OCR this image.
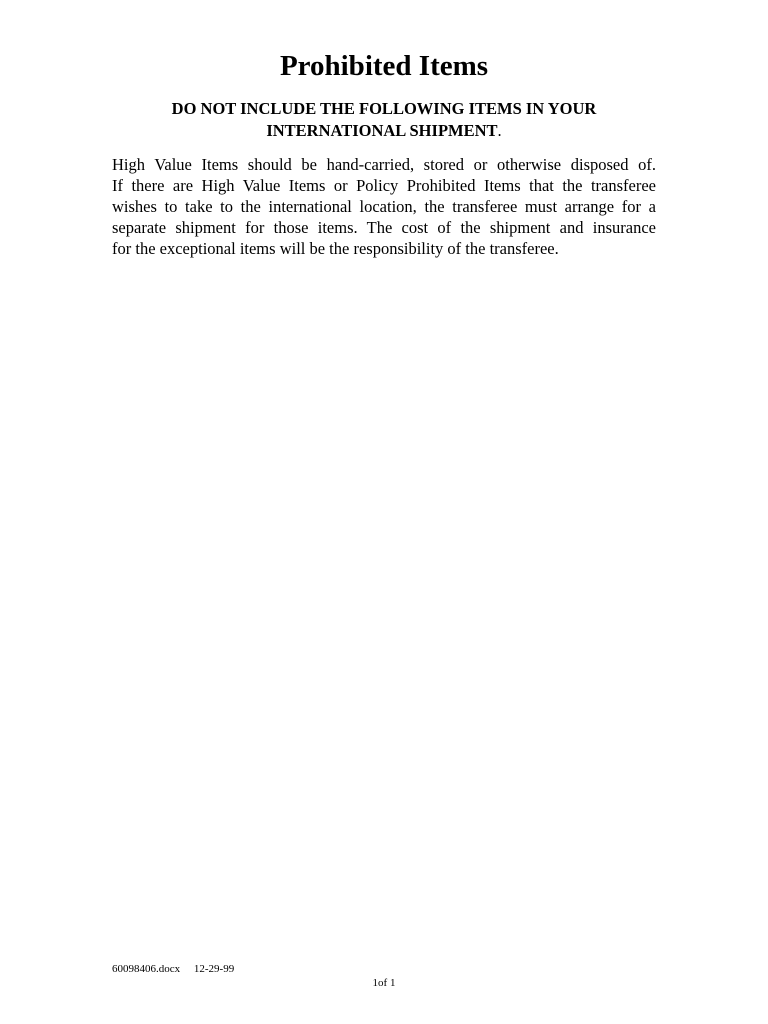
Prohibited Items
DO NOT INCLUDE THE FOLLOWING ITEMS IN YOUR
INTERNATIONAL SHIPMENT.
High Value Items should be hand-carried, stored or otherwise disposed of.
If there are High Value Items or Policy Prohibited Items that the transferee
wishes to take to the international location, the transferee must arrange for a
separate shipment for those items. The cost of the shipment and insurance
for the exceptional items will be the responsibility of the transferee.
60098406.docx 12-29-99
1of 1
